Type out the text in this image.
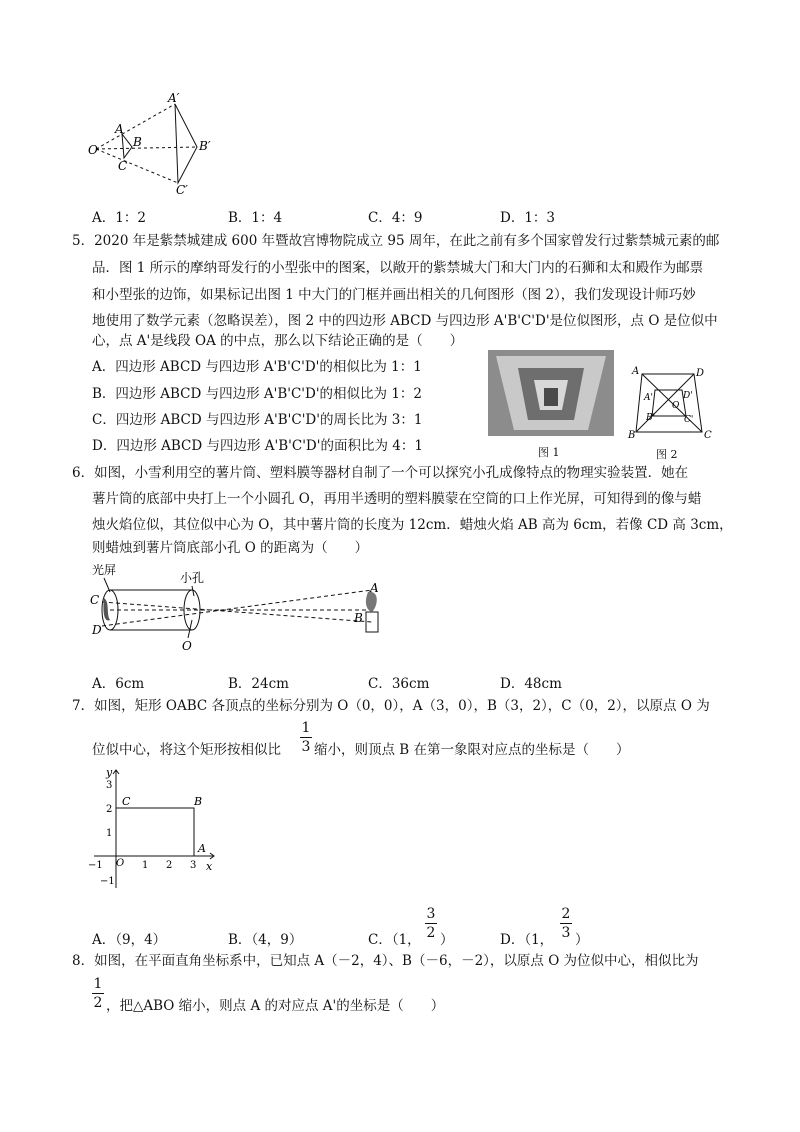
O
A
B
C
A′
B′
C′
A．1：2	B．1：4	C．4：9	D．1：3
5．2020 年是紫禁城建成 600 年暨故宫博物院成立 95 周年，在此之前有多个国家曾发行过紫禁城元素的邮
品．图 1 所示的摩纳哥发行的小型张中的图案，以敞开的紫禁城大门和大门内的石狮和太和殿作为邮票
和小型张的边饰，如果标记出图 1 中大门的门框并画出相关的几何图形（图 2），我们发现设计师巧妙
地使用了数学元素（忽略误差），图 2 中的四边形 ABCD 与四边形 A'B'C'D'是位似图形，点 O 是位似中
心，点 A'是线段 OA 的中点，那么以下结论正确的是（　　）
A．四边形 ABCD 与四边形 A'B'C'D'的相似比为 1：1
B．四边形 ABCD 与四边形 A'B'C'D'的相似比为 1：2
C．四边形 ABCD 与四边形 A'B'C'D'的周长比为 3：1
D．四边形 ABCD 与四边形 A'B'C'D'的面积比为 4：1	图 1
A	D
A'	D'
O
B'	C'
B	C
图 2
6．如图，小雪利用空的薯片筒、塑料膜等器材自制了一个可以探究小孔成像特点的物理实验装置．她在
薯片筒的底部中央打上一个小圆孔 O，再用半透明的塑料膜蒙在空筒的口上作光屏，可知得到的像与蜡
烛火焰位似，其位似中心为 O，其中薯片筒的长度为 12cm．蜡烛火焰 AB 高为 6cm，若像 CD 高 3cm，
则蜡烛到薯片筒底部小孔 O 的距离为（　　）
光屏
小孔
C
D
O
A
B
A．6cm	B．24cm	C．36cm	D．48cm
7．如图，矩形 OABC 各顶点的坐标分别为 O（0，0），A（3，0），B（3，2），C（0，2），以原点 O 为
位似中心，将这个矩形按相似比
1
3 缩小，则顶点 B 在第一象限对应点的坐标是（　　）
y
x
O
−1	1 2 3
3
2
1
−1
C	B
A
A．（9，4）	B．（4，9）	C．（1，
3
2 ）	D．（1，
2
3 ）
8．如图，在平面直角坐标系中，已知点 A（－2，4）、B（－6，－2），以原点 O 为位似中心，相似比为
1
2 ，把△ABO 缩小，则点 A 的对应点 A'的坐标是（　　）
